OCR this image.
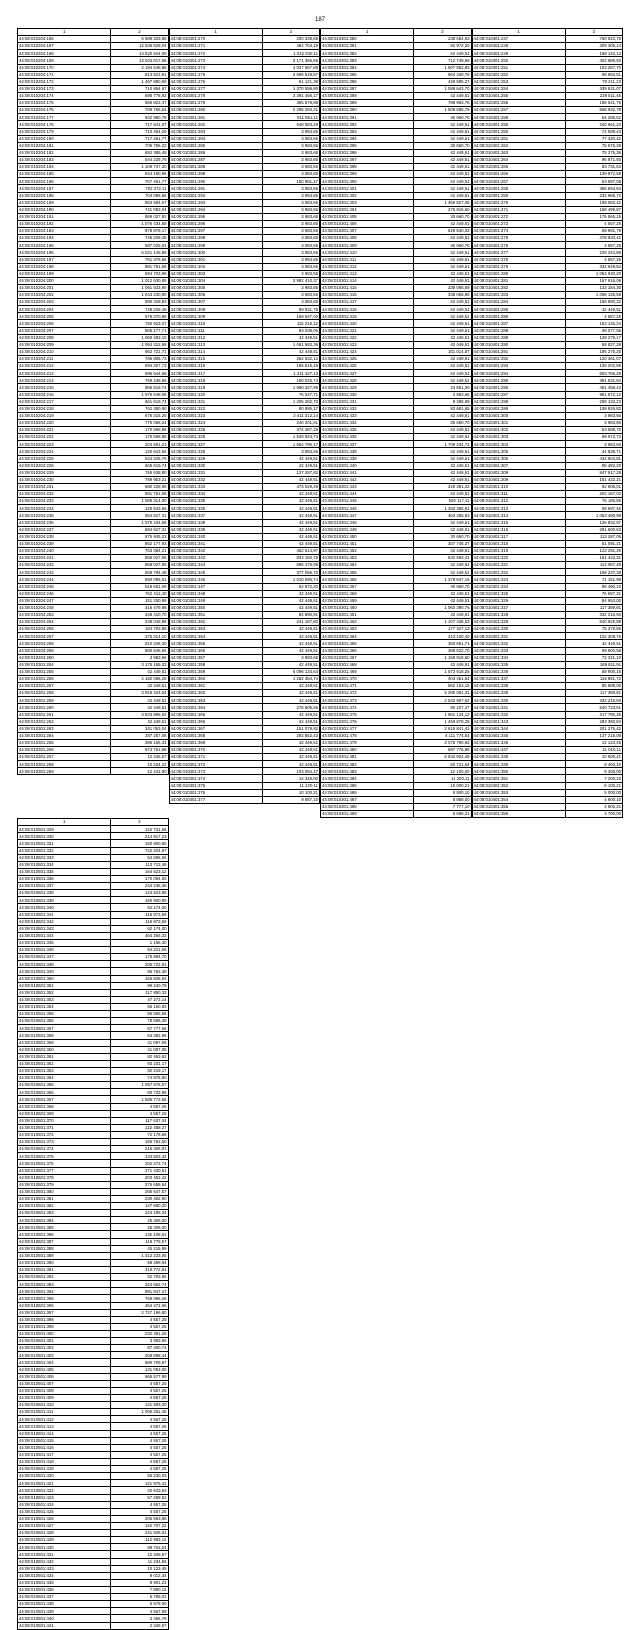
187
1	2
44:08:010204:166	6 989 333,96
44:08:010204:167	12 536 629,04
44:08:010204:168	13 520 624,00
44:08:010204:169	13 043 017,56
44:08:010204:170	2 194 648,88
44:08:010204:171	813 521,91
44:08:010204:172	1 467 890,59
44:08:010204:173	710 954,67
44:08:010204:174	695 778,93
44:08:010204:175	566 822,47
44:08:010204:176	709 766,54
44:08:010204:177	942 980,78
44:08:010204:178	717 641,07
44:08:010204:179	710 484,29
44:08:010204:180	717 461,77
44:08:010204:181	706 765,22
44:08:010204:182	692 385,45
44:08:010204:183	544 225,76
44:08:010204:184	1 109 747,30
44:08:010204:185	944 180,96
44:08:010204:186	707 461,77
44:08:010204:187	702 372,11
44:08:010204:188	704 096,66
44:08:010204:189	863 594,07
44:08:010204:190	741 083,04
44:08:010204:191	869 027,82
44:08:010204:192	1 076 434,58
44:08:010204:193	878 878,17
44:08:010204:194	746 229,45
44:08:010204:195	687 025,01
44:08:010204:196	6 021 145,88
44:08:010204:197	761 376,56
44:08:010204:198	881 751,58
44:08:010204:199	694 703,98
44:08:010204:200	1 012 630,85
44:08:010204:201	1 091 533,90
44:08:010204:202	1 043 230,90
44:08:010204:203	890 328,93
44:08:010204:204	748 229,45
44:08:010204:205	676 370,96
44:08:010204:206	755 923,07
44:08:010204:207	865 177,71
44:08:010204:208	1 060 483,10
44:08:010204:209	1 064 312,68
44:08:010204:210	662 721,71
44:08:010204:211	765 806,73
44:08:010204:212	694 327,73
44:08:010204:213	686 644,69
44:08:010204:214	769 248,56
44:08:010204:215	865 619,74
44:08:010204:216	1 076 648,06
44:08:010204:217	661 619,74
44:08:010204:218	762 390,90
44:08:010204:219	676 315,25
44:08:010204:220	775 065,24
44:08:010204:221	170 668,88
44:08:010204:222	170 668,88
44:08:010204:223	204 691,21
44:08:010204:224	120 643,56
44:08:010204:225	544 225,76
44:08:010204:226	665 619,74
44:08:010204:229	765 638,80
44:08:010204:230	789 953,21
44:08:010204:231	680 228,96
44:08:010204:232	881 751,58
44:08:010204:233	1 085 314,00
44:08:010204:234	120 643,56
44:08:010204:235	664 627,31
44:08:010204:236	1 075 434,58
44:08:010204:237	684 627,31
44:08:010204:238	875 945,23
44:08:010204:239	862 177,93
44:08:010204:240	763 384,21
44:08:010204:241	868 027,86
44:08:010204:242	868 027,86
44:08:010204:243	868 784,48
44:08:010204:244	690 096,51
44:08:010204:245	618 601,09
44:08:010204:246	762 412,40
44:08:010204:247	151 250,66
44:08:010204:248	316 479,98
44:08:010204:253	348 410,70
44:08:010204:254	238 048,88
44:08:010204:256	184 783,98
44:08:010204:257	375 314,10
44:08:010204:258	910 348,30
44:08:010204:259	860 645,65
44:08:010204:260	3 983,66
44:08:010301:254	3 175 165,33
44:08:010301:255	42 449,51
44:08:010301:256	2 182 086,28
44:08:010301:257	42 449,51
44:08:010301:258	3 918 424,54
44:08:010301:259	42 449,51
44:08:010301:260	42 449,51
44:08:010301:261	3 833 895,82
44:08:010301:262	42 449,51
44:08:010301:263	341 053,04
44:08:010301:264	287 257,06
44:08:010301:265	386 166,33
44:08:010301:266	973 751,88
44:08:010301:267	12 345,67
44:08:010301:268	10 234,22
44:08:010301:269	12 441,90
1	2
44:08:010301:270	200 338,68
44:08:010301:271	484 704,19
44:08:010301:272	1 042 330,11
44:08:010301:273	3 171 366,66
44:08:010301:274	4 027 657,88
44:08:010301:275	3 695 619,87
44:08:010301:276	61 121,38
44:08:010301:277	1 370 598,90
44:08:010301:278	3 391 456,17
44:08:010301:279	365 578,88
44:08:010301:280	2 295 050,31
44:08:010301:281	811 551,11
44:08:010301:282	648 083,29
44:08:010301:283	3 983,66
44:08:010301:284	3 983,66
44:08:010301:285	3 983,66
44:08:010301:286	3 983,66
44:08:010301:287	3 983,66
44:08:010301:288	3 983,66
44:08:010301:289	3 983,66
44:08:010301:290	150 981,17
44:08:010301:291	3 983,66
44:08:010301:292	3 983,66
44:08:010301:293	3 983,66
44:08:010301:294	3 983,66
44:08:010301:295	3 983,66
44:08:010301:296	3 983,66
44:08:010301:297	3 983,66
44:08:010301:298	3 983,66
44:08:010301:299	3 983,66
44:08:010301:300	3 983,66
44:08:010301:301	3 983,66
44:08:010301:302	3 983,66
44:08:010301:303	3 983,66
44:08:010301:304	3 992 410,37
44:08:010301:305	3 983,66
44:08:010301:306	3 983,66
44:08:010301:307	3 983,66
44:08:010301:308	89 931,78
44:08:010301:309	168 647,00
44:08:010301:310	115 216,12
44:08:010301:311	83 036,06
44:08:010301:312	42 449,51
44:08:010301:313	1 061 583,36
44:08:010301:314	42 449,51
44:08:010301:315	362 632,12
44:08:010301:316	185 615,16
44:08:010301:317	1 411 427,13
44:08:010301:318	190 015,74
44:08:010301:319	1 960 327,99
44:08:010301:320	75 047,71
44:08:010301:321	1 205 282,70
44:08:010301:322	80 886,17
44:08:010301:323	2 411 312,14
44:08:010301:324	240 201,61
44:08:010301:325	374 387,28
44:08:010301:326	1 528 843,73
44:08:010301:327	1 664 796,17
44:08:010301:328	3 983,66
44:08:010301:329	42 449,51
44:08:010301:330	42 449,51
44:08:010301:331	137 287,82
44:08:010301:332	42 449,51
44:08:010301:333	473 029,29
44:08:010301:334	42 449,51
44:08:010301:335	42 449,51
44:08:010301:336	42 449,51
44:08:010301:337	42 449,51
44:08:010301:338	42 449,51
44:08:010301:339	42 449,51
44:08:010301:340	42 449,51
44:08:010301:341	42 449,51
44:08:010301:342	462 614,97
44:08:010301:343	833 183,78
44:08:010301:344	696 476,98
44:08:010301:345	377 056,70
44:08:010301:346	1 010 695,74
44:08:010301:347	62 972,20
44:08:010301:348	42 449,51
44:08:010301:349	42 449,51
44:08:010301:350	42 449,51
44:08:010301:351	84 890,91
44:08:010301:352	241 167,80
44:08:010301:353	42 449,51
44:08:010301:354	42 449,51
44:08:010301:355	42 449,51
44:08:010301:356	42 449,51
44:08:010301:357	3 983,66
44:08:010301:358	42 449,51
44:08:010301:359	6 096 134,64
44:08:010301:360	1 282 394,74
44:08:010301:361	42 449,51
44:08:010301:362	42 449,51
44:08:010301:363	42 449,51
44:08:010301:364	276 605,65
44:08:010301:365	42 449,51
44:08:010301:366	42 449,51
44:08:010301:367	151 079,82
44:08:010301:368	292 852,43
44:08:010301:369	42 449,51
44:08:010301:370	42 449,51
44:08:010301:371	42 449,51
44:08:010301:372	42 449,51
44:08:010301:373	103 054,17
44:08:010301:374	12 345,00
44:08:010301:375	11 220,11
44:08:010301:376	10 100,21
44:08:010301:377	9 887,10
1	2
44:08:010301:380	238 684,53
44:08:010301:381	92 972,20
44:08:010301:382	42 449,51
44:08:010301:383	712 749,66
44:08:010301:384	1 507 862,83
44:08:010301:385	964 430,78
44:08:010301:386	429 585,27
44:08:010301:387	1 088 643,70
44:08:010301:388	42 449,51
44:08:010301:389	788 983,76
44:08:010301:390	1 509 595,79
44:08:010301:391	30 660,70
44:08:010301:392	42 449,51
44:08:010301:393	42 449,51
44:08:010301:394	42 449,51
44:08:010301:395	30 660,70
44:08:010301:396	42 449,51
44:08:010301:397	42 449,51
44:08:010301:398	42 449,51
44:08:010301:399	42 449,51
44:08:010301:400	42 449,51
44:08:010301:401	42 449,51
44:08:010301:402	42 449,51
44:08:010301:403	1 469 827,08
44:08:010301:404	276 916,60
44:08:010301:405	30 660,70
44:08:010301:406	42 449,51
44:08:010301:407	529 540,33
44:08:010301:408	42 449,51
44:08:010301:409	30 660,70
44:08:010301:410	42 449,51
44:08:010301:411	42 449,51
44:08:010301:412	42 449,51
44:08:010301:413	42 449,51
44:08:010301:414	42 449,51
44:08:010301:415	338 065,59
44:08:010301:416	338 065,59
44:08:010301:417	42 449,51
44:08:010301:418	42 449,51
44:08:010301:419	42 449,51
44:08:010301:420	42 449,51
44:08:010301:421	42 449,51
44:08:010301:422	42 449,51
44:08:010301:423	42 449,51
44:08:010301:424	151 014,87
44:08:010301:425	42 449,51
44:08:010301:426	42 449,51
44:08:010301:427	42 449,51
44:08:010301:428	42 449,51
44:08:010301:429	23 651,30
44:08:010301:430	3 983,66
44:08:010301:431	9 285,99
44:08:010301:432	83 681,55
44:08:010301:433	42 449,51
44:08:010301:434	30 660,70
44:08:010301:435	42 449,51
44:08:010301:436	42 449,51
44:08:010301:437	1 709 234,72
44:08:010301:438	42 449,51
44:08:010301:439	42 449,51
44:08:010301:440	42 449,51
44:08:010301:441	42 449,51
44:08:010301:442	42 449,51
44:08:010301:443	229 381,22
44:08:010301:444	42 449,51
44:08:010301:445	526 117,11
44:08:010301:446	1 333 385,81
44:08:010301:447	463 355,83
44:08:010301:448	42 449,51
44:08:010301:449	42 449,51
44:08:010301:450	30 660,70
44:08:010301:451	307 748,37
44:08:010301:452	42 449,51
44:08:010301:453	532 593,41
44:08:010301:454	42 449,51
44:08:010301:455	42 449,51
44:08:010301:456	1 379 647,15
44:08:010301:457	30 660,70
44:08:010301:458	42 449,51
44:08:010301:459	42 449,51
44:08:010301:460	1 063 390,76
44:08:010301:461	42 449,51
44:08:010301:462	1 107 436,53
44:08:010301:463	177 327,13
44:08:010301:464	413 100,40
44:08:010301:465	360 691,71
44:08:010301:466	368 622,70
44:08:010301:467	1 158 918,60
44:08:010301:468	42 449,51
44:08:010301:469	1 573 618,25
44:08:010301:470	403 451,84
44:08:010301:471	562 153,15
44:08:010301:472	5 285 081,31
44:08:010301:473	2 542 907,52
44:08:010301:474	80 227,37
44:08:010301:475	1 961 124,12
44:08:010301:476	1 459 878,28
44:08:010301:477	2 619 841,41
44:08:010301:478	4 111 774,54
44:08:010301:479	2 075 790,82
44:08:010301:480	697 776,98
44:08:010301:481	6 632 924,49
44:08:010301:482	83 731,64
44:08:010301:483	12 100,00
44:08:010301:484	11 200,11
44:08:010301:485	10 000,21
44:08:010301:486	9 500,10
44:08:010301:487	8 888,00
44:08:010301:488	7 777,10
44:08:010301:489	6 666,21
1	2
44:08:010401:247	760 923,79
44:08:010401:248	309 306,14
44:08:010401:249	158 142,13
44:08:010401:250	402 889,83
44:08:010401:251	102 267,70
44:08:010401:252	68 983,51
44:08:010401:253	70 211,23
44:08:010401:254	339 631,07
44:08:010401:255	229 511,45
44:08:010401:256	188 541,76
44:08:010401:257	568 932,78
44:08:010401:258	64 295,62
44:08:010401:259	240 661,23
44:08:010401:260	74 599,43
44:08:010401:261	77 420,42
44:08:010401:262	75 575,36
44:08:010401:263	75 275,36
44:08:010401:264	96 871,93
44:08:010401:265	83 731,63
44:08:010401:266	139 872,68
44:08:010401:267	53 697,08
44:08:010401:268	396 694,84
44:08:010401:269	232 968,72
44:08:010401:270	108 083,42
44:08:010401:271	158 499,87
44:08:010401:272	175 565,15
44:08:010401:273	4 557,25
44:08:010401:274	69 891,79
44:08:010401:275	478 933,41
44:08:010401:276	4 557,25
44:08:010401:277	229 244,89
44:08:010401:278	4 557,25
44:08:010401:279	332 648,84
44:08:010401:280	1 063 930,20
44:08:010401:281	157 916,06
44:08:010401:282	133 184,30
44:08:010401:283	1 068 136,58
44:08:010401:284	156 890,32
44:08:010401:285	42 449,51
44:08:010401:286	4 557,25
44:08:010401:287	153 145,24
44:08:010401:288	28 077,56
44:08:010401:289	128 279,17
44:08:010401:290	58 827,28
44:08:010401:291	186 275,20
44:08:010401:292	120 361,07
44:08:010401:293	135 202,86
44:08:010401:294	653 766,49
44:08:010401:295	391 631,84
44:08:010401:296	491 458,43
44:08:010401:297	981 672,12
44:08:010401:298	258 132,23
44:08:010401:299	108 826,82
44:08:010401:300	3 983,66
44:08:010401:301	3 983,66
44:08:010401:302	53 598,70
44:08:010401:303	69 972,73
44:08:010401:304	3 983,66
44:08:010401:305	44 839,71
44:08:010401:306	434 604,81
44:08:010401:307	85 482,20
44:08:010401:308	847 517,29
44:08:010401:309	151 422,21
44:08:010401:310	92 605,01
44:08:010401:311	202 167,02
44:08:010401:312	76 186,66
44:08:010401:313	69 597,46
44:08:010401:314	1 063 490,98
44:08:010401:315	126 832,97
44:08:010401:316	281 600,63
44:08:010401:317	113 287,06
44:08:010401:318	51 091,21
44:08:010401:319	123 291,26
44:08:010401:320	161 423,31
44:08:010401:321	113 087,49
44:08:010401:322	158 237,38
44:08:010401:323	71 151,98
44:08:010401:324	86 490,10
44:08:010401:325	76 697,31
44:08:010401:326	84 653,00
44:08:010401:327	117 389,81
44:08:010401:328	332 216,60
44:08:010401:329	540 925,89
44:08:010401:330	75 379,66
44:08:010401:331	122 308,76
44:08:010401:332	42 449,51
44:08:010401:333	69 900,58
44:08:010401:334	72 221,10
44:08:010401:335	169 811,91
44:08:010401:336	58 900,15
44:08:010401:337	119 891,72
44:08:010401:338	85 888,06
44:08:010401:339	117 389,81
44:08:010401:340	332 216,60
44:08:010401:341	540 723,61
44:08:010401:342	217 790,46
44:08:010401:343	283 360,84
44:08:010401:344	201 276,42
44:08:010401:345	137 215,08
44:08:010401:346	12 123,45
44:08:010401:347	11 010,11
44:08:010401:348	10 500,21
44:08:010401:349	9 400,10
44:08:010401:350	8 300,00
44:08:010401:351	7 200,10
44:08:010401:352	6 100,21
44:08:010401:353	5 000,00
44:08:010401:354	4 900,10
44:08:010401:355	4 800,21
44:08:010401:356	3 700,00
1	2
44:08:010501:329	122 731,56
44:08:010501:330	214 917,23
44:08:010501:331	160 900,80
44:08:010501:332	722 204,97
44:08:010501:333	54 696,56
44:08:010501:334	113 712,48
44:08:010501:335	164 523,12
44:08:010501:336	170 094,92
44:08:010501:337	244 235,36
44:08:010501:338	124 523,86
44:08:010501:339	160 900,80
44:08:010501:340	62 174,00
44:08:010501:341	115 973,59
44:08:010501:342	115 973,59
44:08:010501:343	62 174,00
44:08:010501:344	464 255,33
44:08:010501:345	1 156,30
44:08:010501:346	94 221,56
44:08:010501:347	175 894,70
44:08:010501:348	205 722,91
44:08:010501:349	86 763,38
44:08:010501:350	166 835,92
44:08:010501:351	89 240,78
44:08:010501:352	117 850,33
44:08:010501:353	47 272,14
44:08:010501:354	55 150,83
44:08:010501:355	55 665,58
44:08:010501:356	78 596,35
44:08:010501:357	57 777,66
44:08:010501:358	64 382,96
44:08:010501:359	41 087,05
44:08:010501:360	41 087,05
44:08:010501:361	82 463,62
44:08:010501:362	93 231,17
44:08:010501:363	92 219,17
44:08:010501:364	74 875,80
44:08:010501:365	1 057 976,57
44:08:010501:366	60 732,96
44:08:010501:367	1 585 772,56
44:08:010501:368	4 557,25
44:08:010501:369	4 557,25
44:08:010501:370	117 637,04
44:08:010501:371	122 458,27
44:08:010501:372	72 178,66
44:08:010501:373	165 762,50
44:08:010501:374	216 306,91
44:08:010501:375	134 503,32
44:08:010501:376	262 272,74
44:08:010501:377	271 430,61
44:08:010501:378	203 452,42
44:08:010501:379	276 658,64
44:08:010501:380	265 647,57
44:08:010501:381	230 452,90
44:08:010501:382	137 680,20
44:08:010501:383	224 185,34
44:08:010501:384	25 306,00
44:08:010501:385	25 306,00
44:08:010501:386	132 108,61
44:08:010501:387	118 775,67
44:08:010501:388	45 216,99
44:08:010501:389	1 312 233,05
44:08:010501:390	58 499,94
44:08:010501:391	319 772,81
44:08:010501:392	52 783,96
44:08:010501:393	324 662,74
44:08:010501:394	991 847,47
44:08:010501:395	768 096,28
44:08:010501:396	464 472,65
44:08:010501:397	2 727 196,80
44:08:010501:398	4 557,25
44:08:010501:399	4 557,25
44:08:010501:400	232 391,26
44:08:010501:401	3 983,66
44:08:010501:402	87 400,74
44:08:010501:403	408 898,44
44:08:010501:404	980 709,87
44:08:010501:405	131 093,00
44:08:010501:406	665 577,99
44:08:010501:407	4 557,25
44:08:010501:408	4 557,25
44:08:010501:409	4 557,25
44:08:010501:410	131 593,20
44:08:010501:411	1 006 261,45
44:08:010501:412	4 557,25
44:08:010501:413	4 557,25
44:08:010501:414	4 557,25
44:08:010501:415	4 557,25
44:08:010501:416	4 557,25
44:08:010501:417	4 557,25
44:08:010501:418	4 557,25
44:08:010501:419	4 557,25
44:08:010501:420	55 230,03
44:08:010501:421	121 975,41
44:08:010501:422	20 643,53
44:08:010501:423	57 299,52
44:08:010501:424	4 557,25
44:08:010501:425	4 557,25
44:08:010501:426	206 553,86
44:08:010501:427	142 707,22
44:08:010501:428	241 835,61
44:08:010501:429	112 983,12
44:08:010501:430	98 761,04
44:08:010501:431	12 345,67
44:08:010501:432	11 234,56
44:08:010501:433	10 123,45
44:08:010501:434	9 012,34
44:08:010501:435	8 901,23
44:08:010501:436	7 890,12
44:08:010501:437	6 789,01
44:08:010501:438	5 678,90
44:08:010501:439	4 567,89
44:08:010501:440	3 456,78
44:08:010501:441	2 345,67
